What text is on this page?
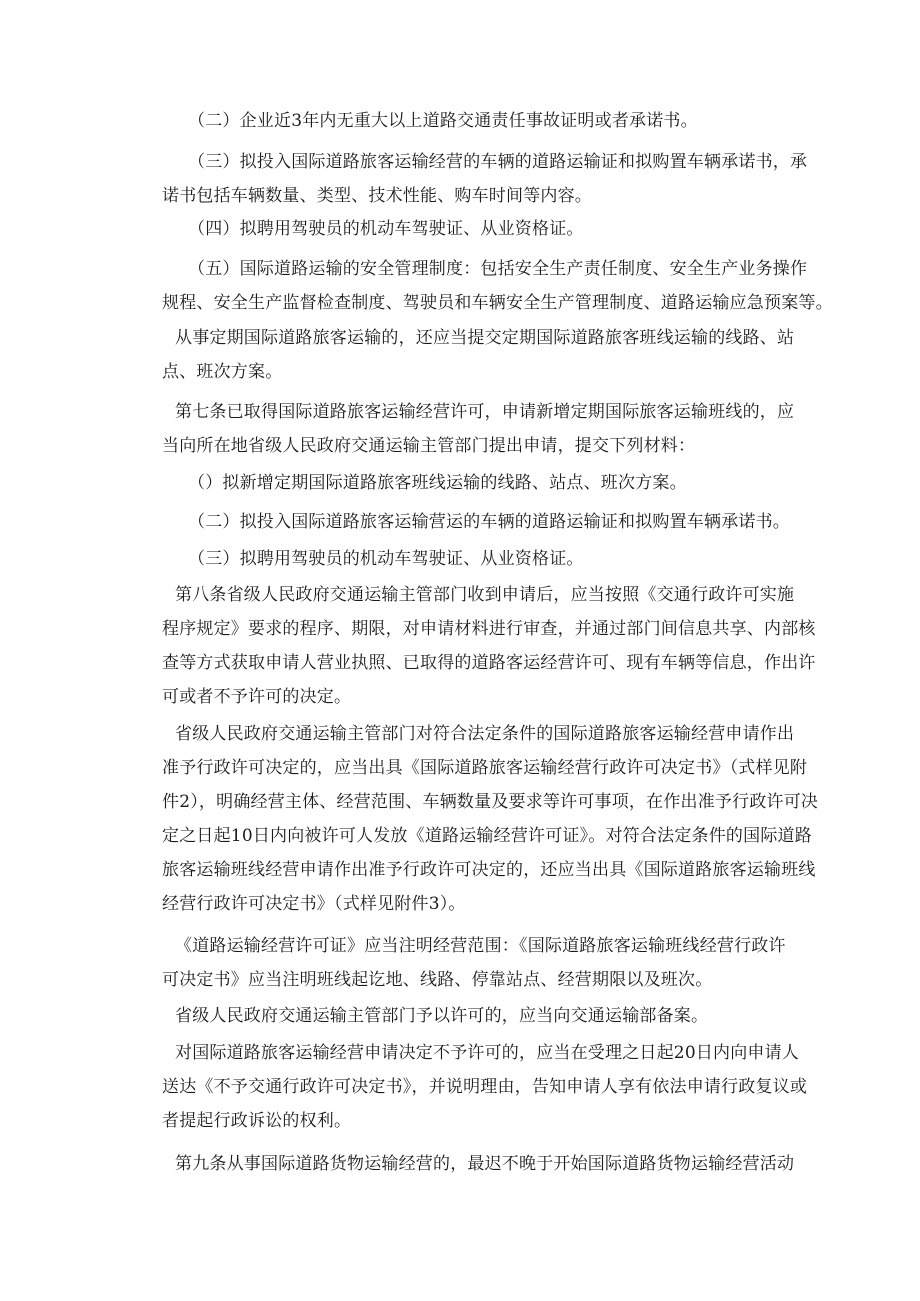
（二）企业近3年内无重大以上道路交通责任事故证明或者承诺书。
（三）拟投入国际道路旅客运输经营的车辆的道路运输证和拟购置车辆承诺书，承
诺书包括车辆数量、类型、技术性能、购车时间等内容。
（四）拟聘用驾驶员的机动车驾驶证、从业资格证。
（五）国际道路运输的安全管理制度：包括安全生产责任制度、安全生产业务操作
规程、安全生产监督检查制度、驾驶员和车辆安全生产管理制度、道路运输应急预案等。
从事定期国际道路旅客运输的，还应当提交定期国际道路旅客班线运输的线路、站
点、班次方案。
第七条已取得国际道路旅客运输经营许可，申请新增定期国际旅客运输班线的，应
当向所在地省级人民政府交通运输主管部门提出申请，提交下列材料：
（）拟新增定期国际道路旅客班线运输的线路、站点、班次方案。
（二）拟投入国际道路旅客运输营运的车辆的道路运输证和拟购置车辆承诺书。
（三）拟聘用驾驶员的机动车驾驶证、从业资格证。
第八条省级人民政府交通运输主管部门收到申请后，应当按照《交通行政许可实施
程序规定》要求的程序、期限，对申请材料进行审查，并通过部门间信息共享、内部核
查等方式获取申请人营业执照、已取得的道路客运经营许可、现有车辆等信息，作出许
可或者不予许可的决定。
省级人民政府交通运输主管部门对符合法定条件的国际道路旅客运输经营申请作出
准予行政许可决定的，应当出具《国际道路旅客运输经营行政许可决定书》（式样见附
件2），明确经营主体、经营范围、车辆数量及要求等许可事项，在作出准予行政许可决
定之日起10日内向被许可人发放《道路运输经营许可证》。对符合法定条件的国际道路
旅客运输班线经营申请作出准予行政许可决定的，还应当出具《国际道路旅客运输班线
经营行政许可决定书》（式样见附件3）。
《道路运输经营许可证》应当注明经营范围：《国际道路旅客运输班线经营行政许
可决定书》应当注明班线起讫地、线路、停靠站点、经营期限以及班次。
省级人民政府交通运输主管部门予以许可的，应当向交通运输部备案。
对国际道路旅客运输经营申请决定不予许可的，应当在受理之日起20日内向申请人
送达《不予交通行政许可决定书》，并说明理由，告知申请人享有依法申请行政复议或
者提起行政诉讼的权利。
第九条从事国际道路货物运输经营的，最迟不晚于开始国际道路货物运输经营活动
